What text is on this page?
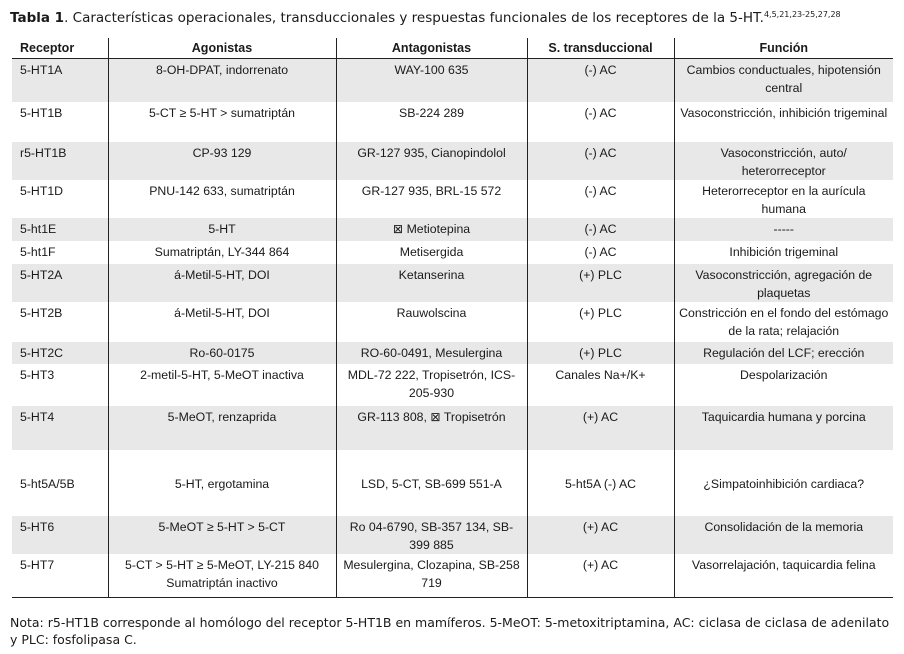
Tabla 1. Características operacionales, transduccionales y respuestas funcionales de los receptores de la 5-HT.$^{4,5,21,23-25,27,28}$
Receptor	Agonistas	Antagonistas	S. transduccional	Función
5-HT1A	8-OH-DPAT, indorrenato	WAY-100 635	(-) AC	Cambios conductuales, hipotensión central
5-HT1B	5-CT ≥ 5-HT > sumatriptán	SB-224 289	(-) AC	Vasoconstricción, inhibición trigeminal
r5-HT1B	CP-93 129	GR-127 935, Cianopindolol	(-) AC	Vasoconstricción, auto/ heterorreceptor
5-HT1D	PNU-142 633, sumatriptán	GR-127 935, BRL-15 572	(-) AC	Heterorreceptor en la aurícula humana
5-ht1E	5-HT	⊠ Metiotepina	(-) AC	-----
5-ht1F	Sumatriptán, LY-344 864	Metisergida	(-) AC	Inhibición trigeminal
5-HT2A	á-Metil-5-HT, DOI	Ketanserina	(+) PLC	Vasoconstricción, agregación de plaquetas
5-HT2B	á-Metil-5-HT, DOI	Rauwolscina	(+) PLC	Constricción en el fondo del estómago de la rata; relajación
5-HT2C	Ro-60-0175	RO-60-0491, Mesulergina	(+) PLC	Regulación del LCF; erección
5-HT3	2-metil-5-HT, 5-MeOT inactiva	MDL-72 222, Tropisetrón, ICS-205-930	Canales Na+/K+	Despolarización
5-HT4	5-MeOT, renzaprida	GR-113 808, ⊠ Tropisetrón	(+) AC	Taquicardia humana y porcina
5-ht5A/5B	5-HT, ergotamina	LSD, 5-CT, SB-699 551-A	5-ht5A (-) AC	¿Simpatoinhibición cardiaca?
5-HT6	5-MeOT ≥ 5-HT > 5-CT	Ro 04-6790, SB-357 134, SB-399 885	(+) AC	Consolidación de la memoria
5-HT7	5-CT > 5-HT ≥ 5-MeOT, LY-215 840 Sumatriptán inactivo	Mesulergina, Clozapina, SB-258 719	(+) AC	Vasorrelajación, taquicardia felina
Nota: r5-HT1B corresponde al homólogo del receptor 5-HT1B en mamíferos. 5-MeOT: 5-metoxitriptamina, AC: ciclasa de ciclasa de adenilato y PLC: fosfolipasa C.
